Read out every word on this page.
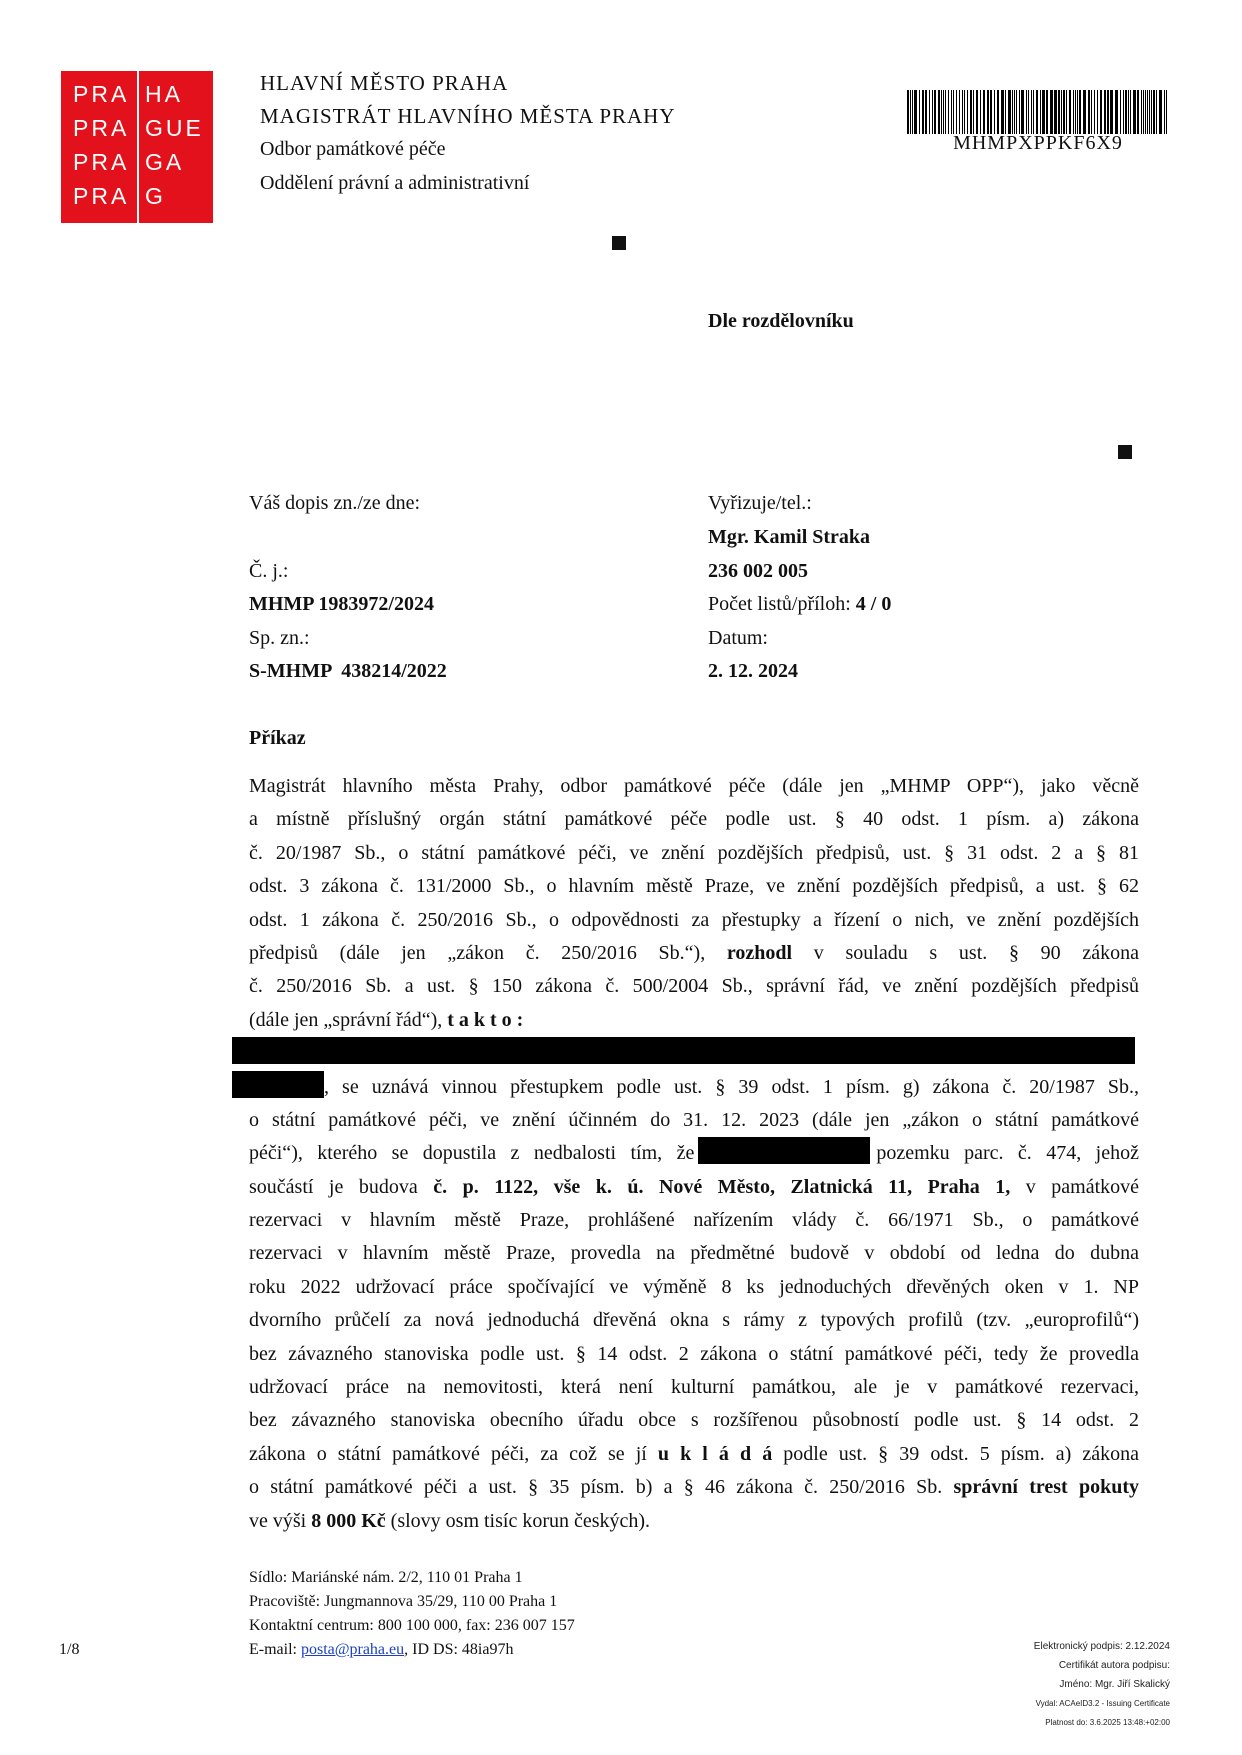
PRA HA
PRA GUE
PRA GA
PRA G
HLAVNÍ MĚSTO PRAHA
MAGISTRÁT HLAVNÍHO MĚSTA PRAHY
Odbor památkové péče
Oddělení právní a administrativní
MHMPXPPKF6X9
Dle rozdělovníku
Váš dopis zn./ze dne:
Č. j.:
MHMP 1983972/2024
Sp. zn.:
S-MHMP  438214/2022
Vyřizuje/tel.:
Mgr. Kamil Straka
236 002 005
Počet listů/příloh: 4 / 0
Datum:
2. 12. 2024
Příkaz
Magistrát hlavního města Prahy, odbor památkové péče (dále jen „MHMP OPP“), jako věcně
a místně příslušný orgán státní památkové péče podle ust. § 40 odst. 1 písm. a) zákona
č. 20/1987 Sb., o státní památkové péči, ve znění pozdějších předpisů, ust. § 31 odst. 2 a § 81
odst. 3 zákona č. 131/2000 Sb., o hlavním městě Praze, ve znění pozdějších předpisů, a ust. § 62
odst. 1 zákona č. 250/2016 Sb., o odpovědnosti za přestupky a řízení o nich, ve znění pozdějších
předpisů (dále jen „zákon č. 250/2016 Sb.“), rozhodl v souladu s ust. § 90 zákona
č. 250/2016 Sb. a ust. § 150 zákona č. 500/2004 Sb., správní řád, ve znění pozdějších předpisů
(dále jen „správní řád“), t a k t o :
, se uznává vinnou přestupkem podle ust. § 39 odst. 1 písm. g) zákona č. 20/1987 Sb.,
o státní památkové péči, ve znění účinném do 31. 12. 2023 (dále jen „zákon o státní památkové
péči“), kterého se dopustila z nedbalosti tím, že	pozemku parc. č. 474, jehož
součástí je budova č. p. 1122, vše k. ú. Nové Město, Zlatnická 11, Praha 1, v památkové
rezervaci v hlavním městě Praze, prohlášené nařízením vlády č. 66/1971 Sb., o památkové
rezervaci v hlavním městě Praze, provedla na předmětné budově v období od ledna do dubna
roku 2022 udržovací práce spočívající ve výměně 8 ks jednoduchých dřevěných oken v 1. NP
dvorního průčelí za nová jednoduchá dřevěná okna s rámy z typových profilů (tzv. „europrofilů“)
bez závazného stanoviska podle ust. § 14 odst. 2 zákona o státní památkové péči, tedy že provedla
udržovací práce na nemovitosti, která není kulturní památkou, ale je v památkové rezervaci,
bez závazného stanoviska obecního úřadu obce s rozšířenou působností podle ust. § 14 odst. 2
zákona o státní památkové péči, za což se jí u k l á d á podle ust. § 39 odst. 5 písm. a) zákona
o státní památkové péči a ust. § 35 písm. b) a § 46 zákona č. 250/2016 Sb. správní trest pokuty
ve výši 8 000 Kč (slovy osm tisíc korun českých).
Sídlo: Mariánské nám. 2/2, 110 01 Praha 1
Pracoviště: Jungmannova 35/29, 110 00 Praha 1
Kontaktní centrum: 800 100 000, fax: 236 007 157
E-mail: posta@praha.eu, ID DS: 48ia97h
1/8	Elektronický podpis: 2.12.2024
Certifikát autora podpisu:
Jméno: Mgr. Jiří Skalický
Vydal: ACAeID3.2 - Issuing Certificate
Platnost do: 3.6.2025 13:48:+02:00
